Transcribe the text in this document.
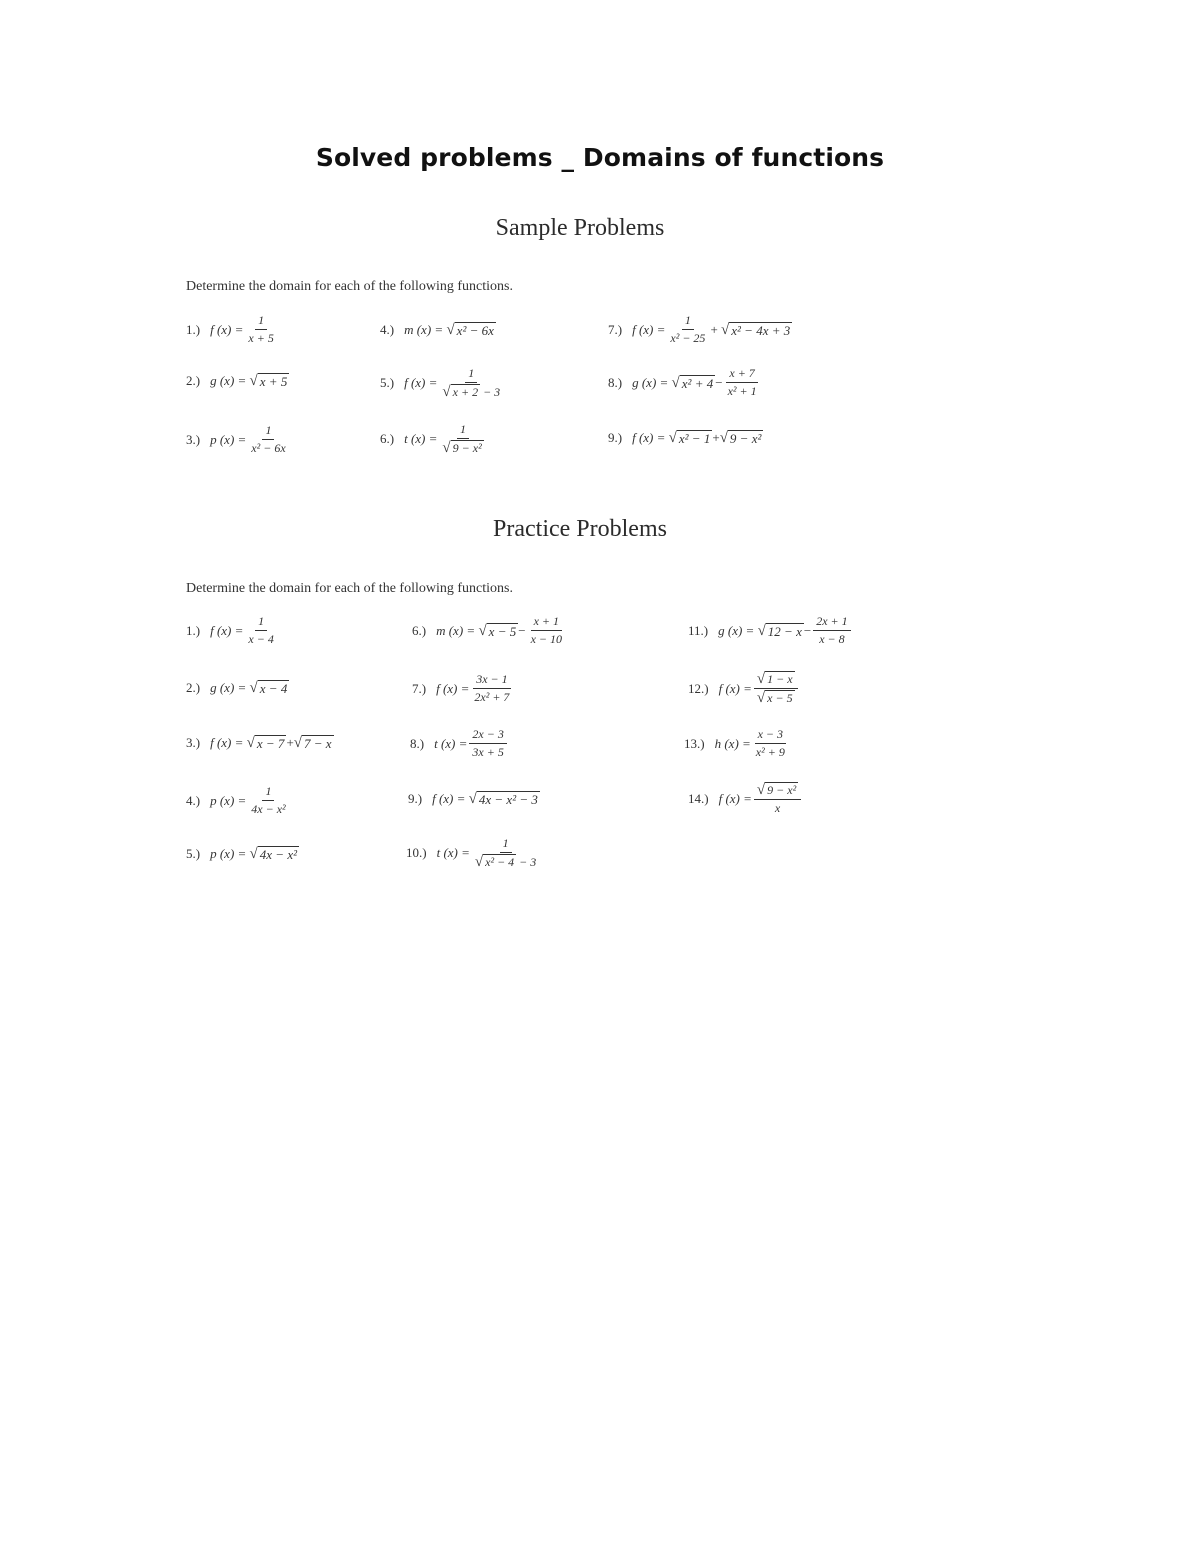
Solved problems _ Domains of functions
Sample Problems
Determine the domain for each of the following functions.
1.) f $(x) = \frac{1}{x + 5}$
2.) g (x) =
√ x + 5
3.) p $(x) = \frac{1}{\text{x² − 6x}}$
4.) m (x) =
√ x² − 6x
5.) f $(x) = \frac{1}{√ x + 2 - 3}$
6.) t $(x) = \frac{1}{\text{√ 9 − x²}}$
7.) f $(x) = \frac{1}{\text{x² − 25}}$ +
√ x² − 4x + 3
8.) g (x) =
√ $x^2 + 4 - \frac{x + 7}{\text{x² + 1}}$
9.) f (x) =
√ x² − 1 + √ 9 − x²
Practice Problems
Determine the domain for each of the following functions.
1.) f $(x) = \frac{1}{x - 4}$
2.) g (x) =
√ x − 4
3.) f (x) =
√ x − 7 + √ 7 − x
4.) p $(x) = \frac{1}{\text{4x − x²}}$
5.) p (x) =
√ 4x − x²
6.) m (x) =
√ $x - 5 - \frac{x + 1}{x - 10}$
7.) f $(x) = \frac{3x - 1}{\text{2x² + 7}}$
8.) t $(x) = \frac{2x - 3}{3x + 5}$
9.) f (x) =
√ 4x − x² − 3
10.) t $(x) = \frac{1}{\text{√ x² − 4 − 3}}$
11.) g (x) =
√ $12 - x - \frac{2x + 1}{x - 8}$
12.) f $(x) = \frac{√ 1 - x}{√ x - 5}$
13.) h $(x) = \frac{x - 3}{\text{x² + 9}}$
14.) f $(x) = \frac{\text{√ 9 − x²}}{x}$
